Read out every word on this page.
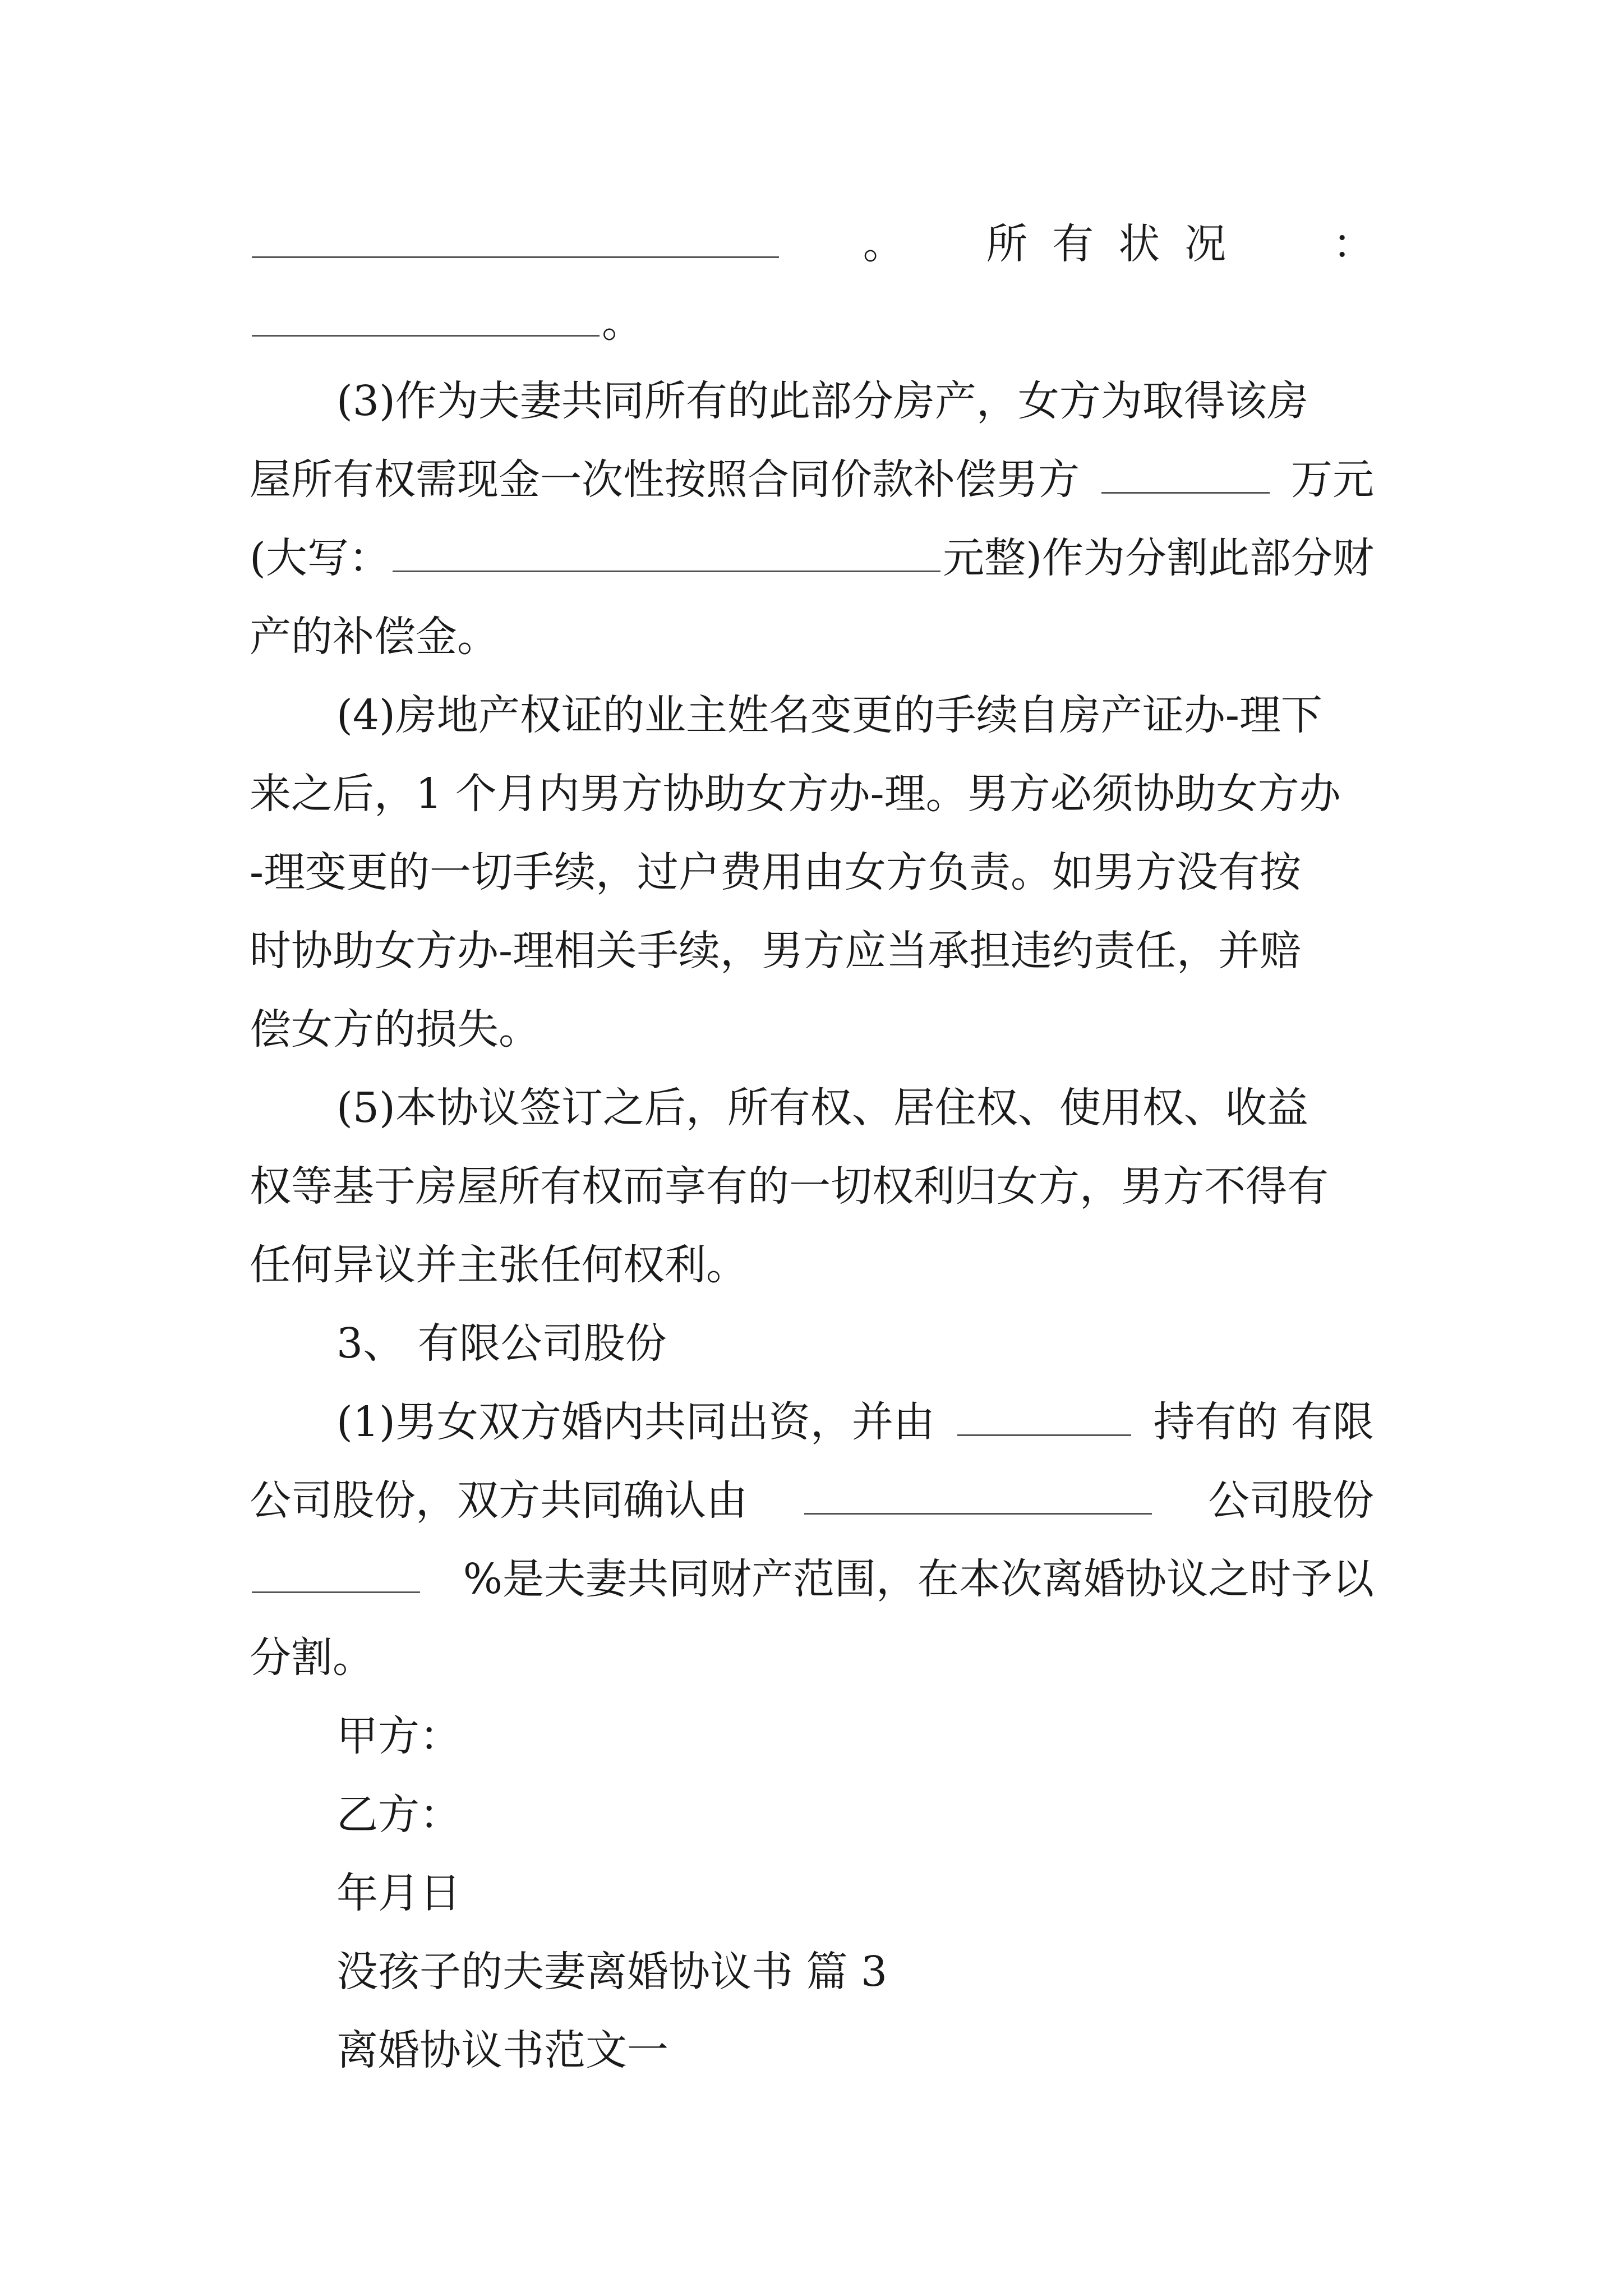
。 所有状况 ：
。
(3)作为夫妻共同所有的此部分房产，女方为取得该房
屋所有权需现金一次性按照合同价款补偿男方	万元
(大写：	元整)作为分割此部分财
产的补偿金。
(4)房地产权证的业主姓名变更的手续自房产证办-理下
来之后，1 个月内男方协助女方办-理。男方必须协助女方办
-理变更的一切手续，过户费用由女方负责。如男方没有按
时协助女方办-理相关手续，男方应当承担违约责任，并赔
偿女方的损失。
(5)本协议签订之后，所有权、居住权、使用权、收益
权等基于房屋所有权而享有的一切权利归女方，男方不得有
任何异议并主张任何权利。
3、 有限公司股份
(1)男女双方婚内共同出资，并由	持有的 有限
公司股份，双方共同确认由	公司股份
%是夫妻共同财产范围，在本次离婚协议之时予以
分割。
甲方：
乙方：
年月日
没孩子的夫妻离婚协议书 篇 3
离婚协议书范文一
